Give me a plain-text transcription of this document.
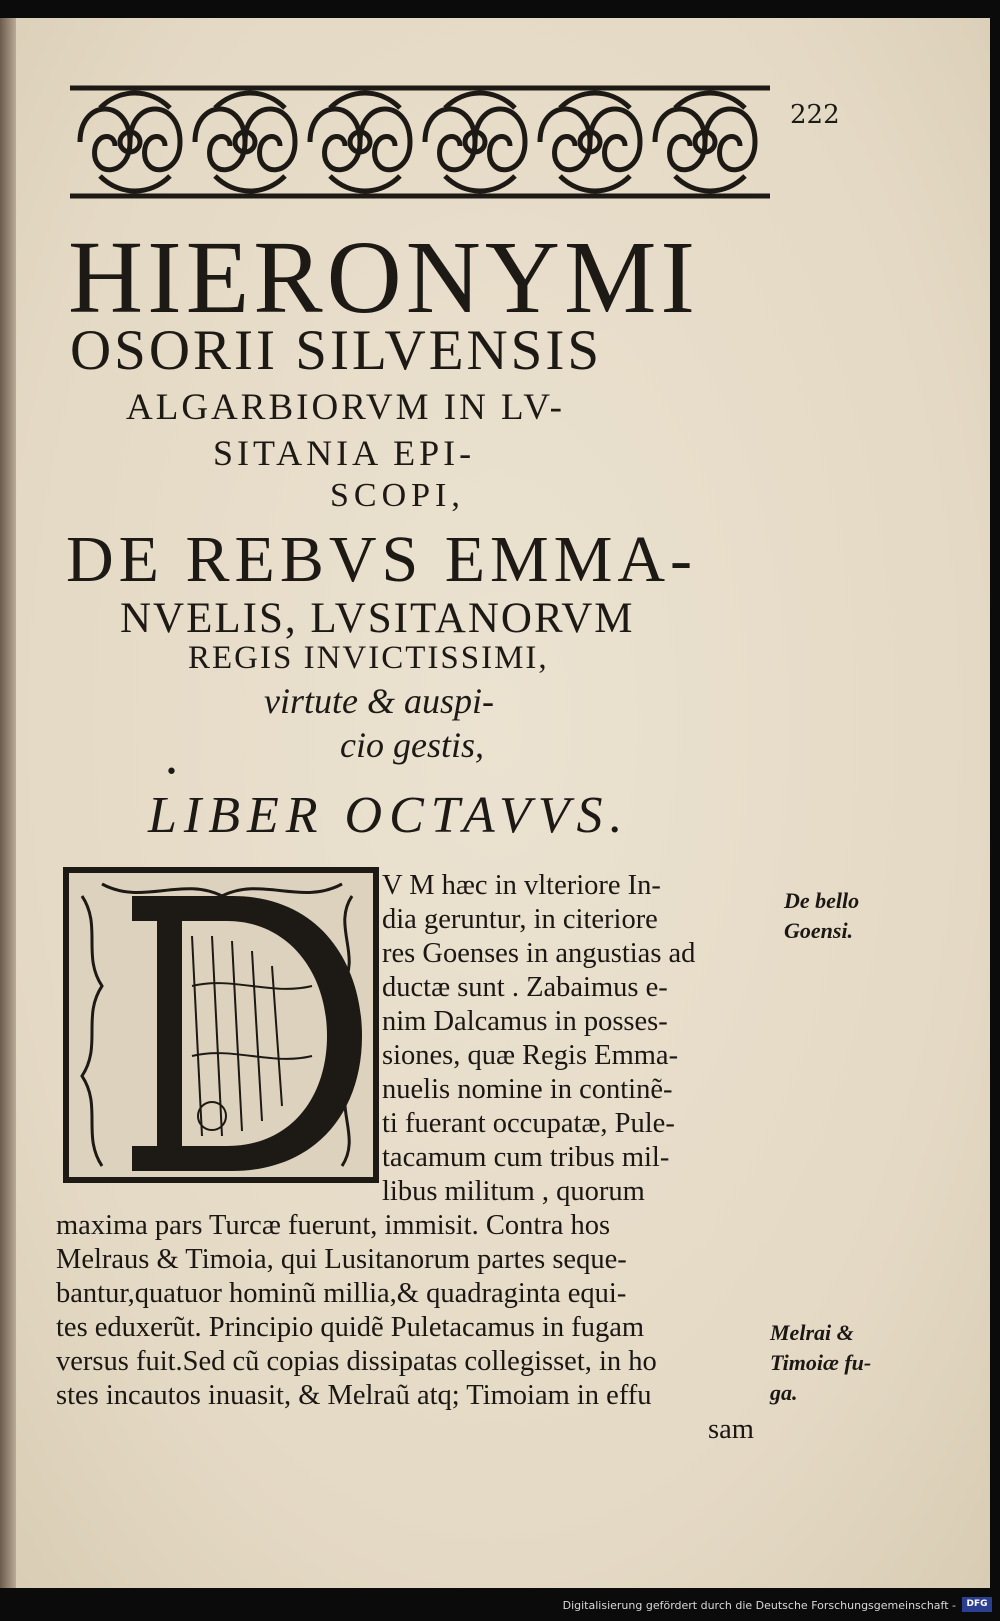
222
HIERONYMI
OSORII SILVENSIS
ALGARBIORVM IN LV-
SITANIA EPI-
SCOPI,
DE REBVS EMMA-
NVELIS, LVSITANORVM
REGIS INVICTISSIMI,
virtute & auspi-
cio gestis,
•
LIBER OCTAVVS.
V M hæc in vlteriore In-
dia geruntur, in citeriore
res Goenses in angustias ad
ductæ sunt . Zabaimus e-
nim Dalcamus in posses-
siones, quæ Regis Emma-
nuelis nomine in continẽ-
ti fuerant occupatæ, Pule-
tacamum cum tribus mil-
libus militum , quorum
maxima pars Turcæ fuerunt, immisit. Contra hos
Melraus & Timoia, qui Lusitanorum partes seque-
bantur,quatuor hominũ millia,& quadraginta equi-
tes eduxerũt. Principio quidẽ Puletacamus in fugam
versus fuit.Sed cũ copias dissipatas collegisset, in ho
stes incautos inuasit, & Melraũ atq; Timoiam in effu
sam
De bello
Goensi.
Melrai &
Timoiæ fu-
ga.
Digitalisierung gefördert durch die Deutsche Forschungsgemeinschaft -	DFG
